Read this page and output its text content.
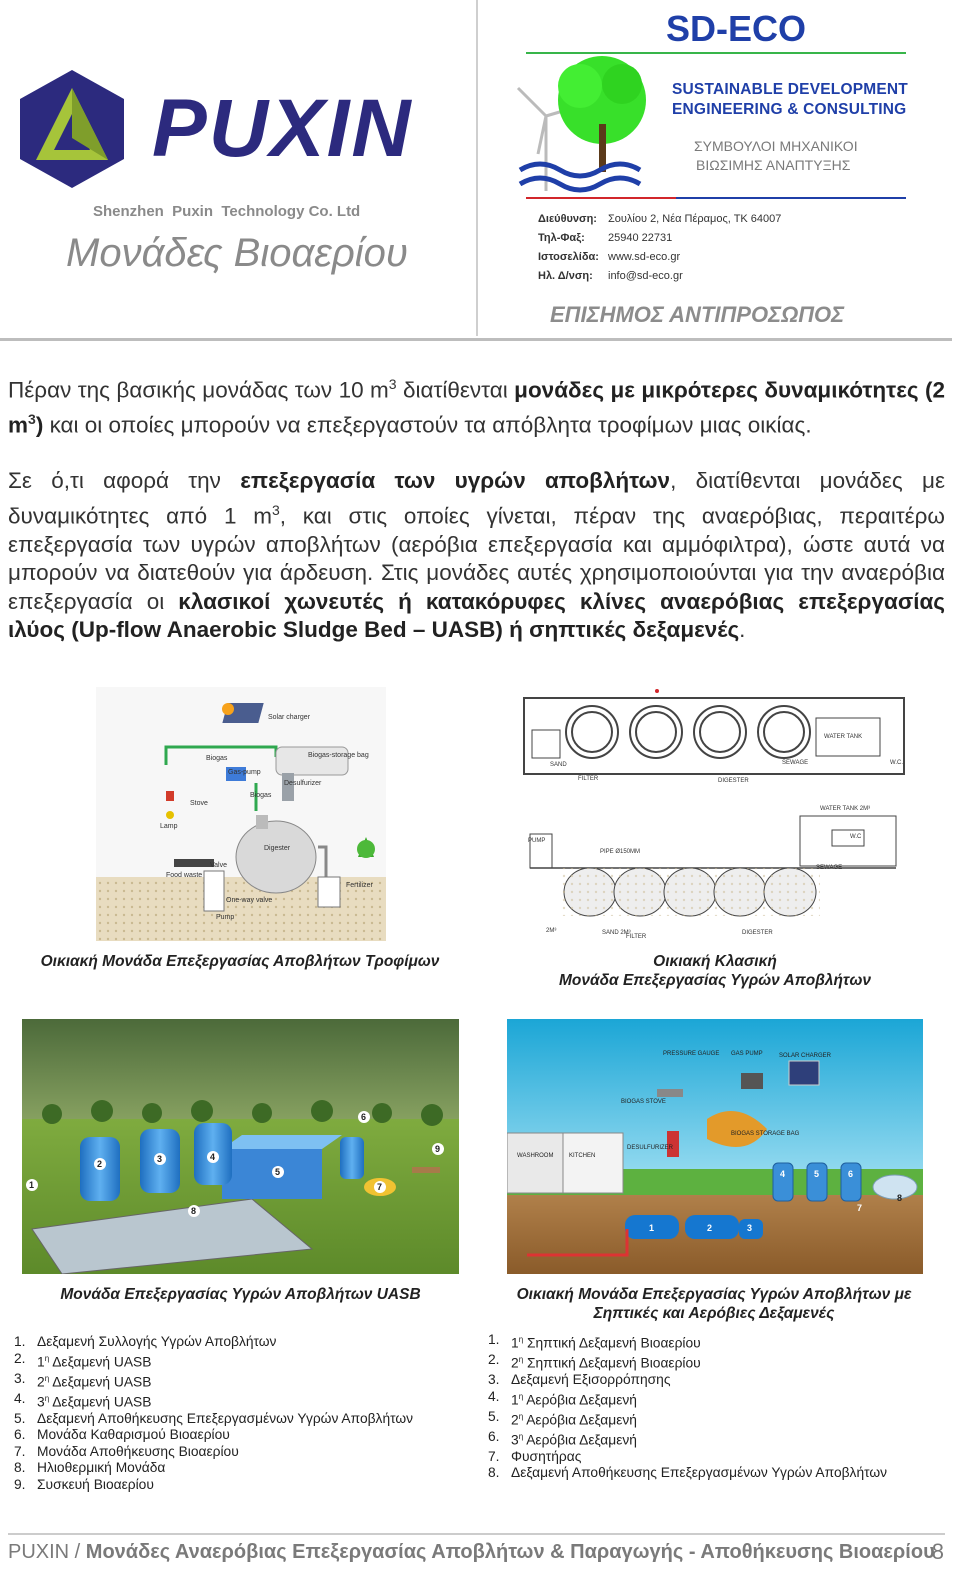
PUXIN
Shenzhen  Puxin  Technology Co. Ltd
Μονάδες Βιοαερίου
SD-ECO
SUSTAINABLE DEVELOPMENT
ENGINEERING & CONSULTING
ΣΥΜΒΟΥΛΟΙ ΜΗΧΑΝΙΚΟΙ
ΒΙΩΣΙΜΗΣ ΑΝΑΠΤΥΞΗΣ
Διεύθυνση: Σουλίου 2, Νέα Πέραμος, ΤΚ 64007
Τηλ-Φαξ: 25940 22731
Ιστοσελίδα: www.sd-eco.gr
Ηλ. Δ/νση: info@sd-eco.gr
ΕΠΙΣΗΜΟΣ ΑΝΤΙΠΡΟΣΩΠΟΣ
Πέραν της βασικής μονάδας των 10 $m^3$ διατίθενται μονάδες με μικρότερες δυναμικότητες (2 $m^3$) και οι οποίες μπορούν να επεξεργαστούν τα απόβλητα τροφίμων μιας οικίας.
Σε ό,τι αφορά την επεξεργασία των υγρών αποβλήτων, διατίθενται μονάδες με δυναμικότητες από 1 $m^3$, και στις οποίες γίνεται, πέραν της αναερόβιας, περαιτέρω επεξεργασία των υγρών αποβλήτων (αερόβια επεξεργασία και αμμόφιλτρα), ώστε αυτά να μπορούν να διατεθούν για άρδευση. Στις μονάδες αυτές χρησιμοποιούνται για την αναερόβια επεξεργασία οι κλασικοί χωνευτές ή κατακόρυφες κλίνες αναερόβιας επεξεργασίας ιλύος (Up-flow Anaerobic Sludge Bed – UASB) ή σηπτικές δεξαμενές.
Solar charger
Biogas	Biogas-storage bag
Gas-pump
Desulfurizer
Biogas
Stove
Lamp
Digester
Valve
Food waste
One-way valve
Fertilizer
Pump
Οικιακή Μονάδα Επεξεργασίας Αποβλήτων Τροφίμων
WATER TANK
SAND
FILTER	DIGESTER
SEWAGE	W.C.
WATER TANK 2M³
W.C
PUMP
PIPE Ø150MM
SEWAGE
2M³	SAND 2M³
FILTER
DIGESTER
Οικιακή Κλασική
Μονάδα Επεξεργασίας Υγρών Αποβλήτων
1
2	3	4
5
6
7
8
9
Μονάδα Επεξεργασίας Υγρών Αποβλήτων UASB
PRESSURE GAUGE GAS PUMP	SOLAR CHARGER
BIOGAS STOVE
BIOGAS STORAGE BAG
DESULFURIZER
WASHROOM	KITCHEN
1	2	3
4	5	6
7
8
Οικιακή Μονάδα Επεξεργασίας Υγρών Αποβλήτων με
Σηπτικές και Αερόβιες Δεξαμενές
1. Δεξαμενή Συλλογής Υγρών Αποβλήτων
2. $1^\eta$ Δεξαμενή UASB
3. $2^\eta$ Δεξαμενή UASB
4. $3^\eta$ Δεξαμενή UASB
5. Δεξαμενή Αποθήκευσης Επεξεργασμένων Υγρών Αποβλήτων
6. Μονάδα Καθαρισμού Βιοαερίου
7. Μονάδα Αποθήκευσης Βιοαερίου
8. Ηλιοθερμική Μονάδα
9. Συσκευή Βιοαερίου
1. $1^\eta$ Σηπτική Δεξαμενή Βιοαερίου
2. $2^\eta$ Σηπτική Δεξαμενή Βιοαερίου
3. Δεξαμενή Εξισορρόπησης
4. $1^\eta$ Αερόβια Δεξαμενή
5. $2^\eta$ Αερόβια Δεξαμενή
6. $3^\eta$ Αερόβια Δεξαμενή
7. Φυσητήρας
8. Δεξαμενή Αποθήκευσης Επεξεργασμένων Υγρών Αποβλήτων
PUXIN / Μονάδες Αναερόβιας Επεξεργασίας Αποβλήτων & Παραγωγής - Αποθήκευσης Βιοαερίου
8
